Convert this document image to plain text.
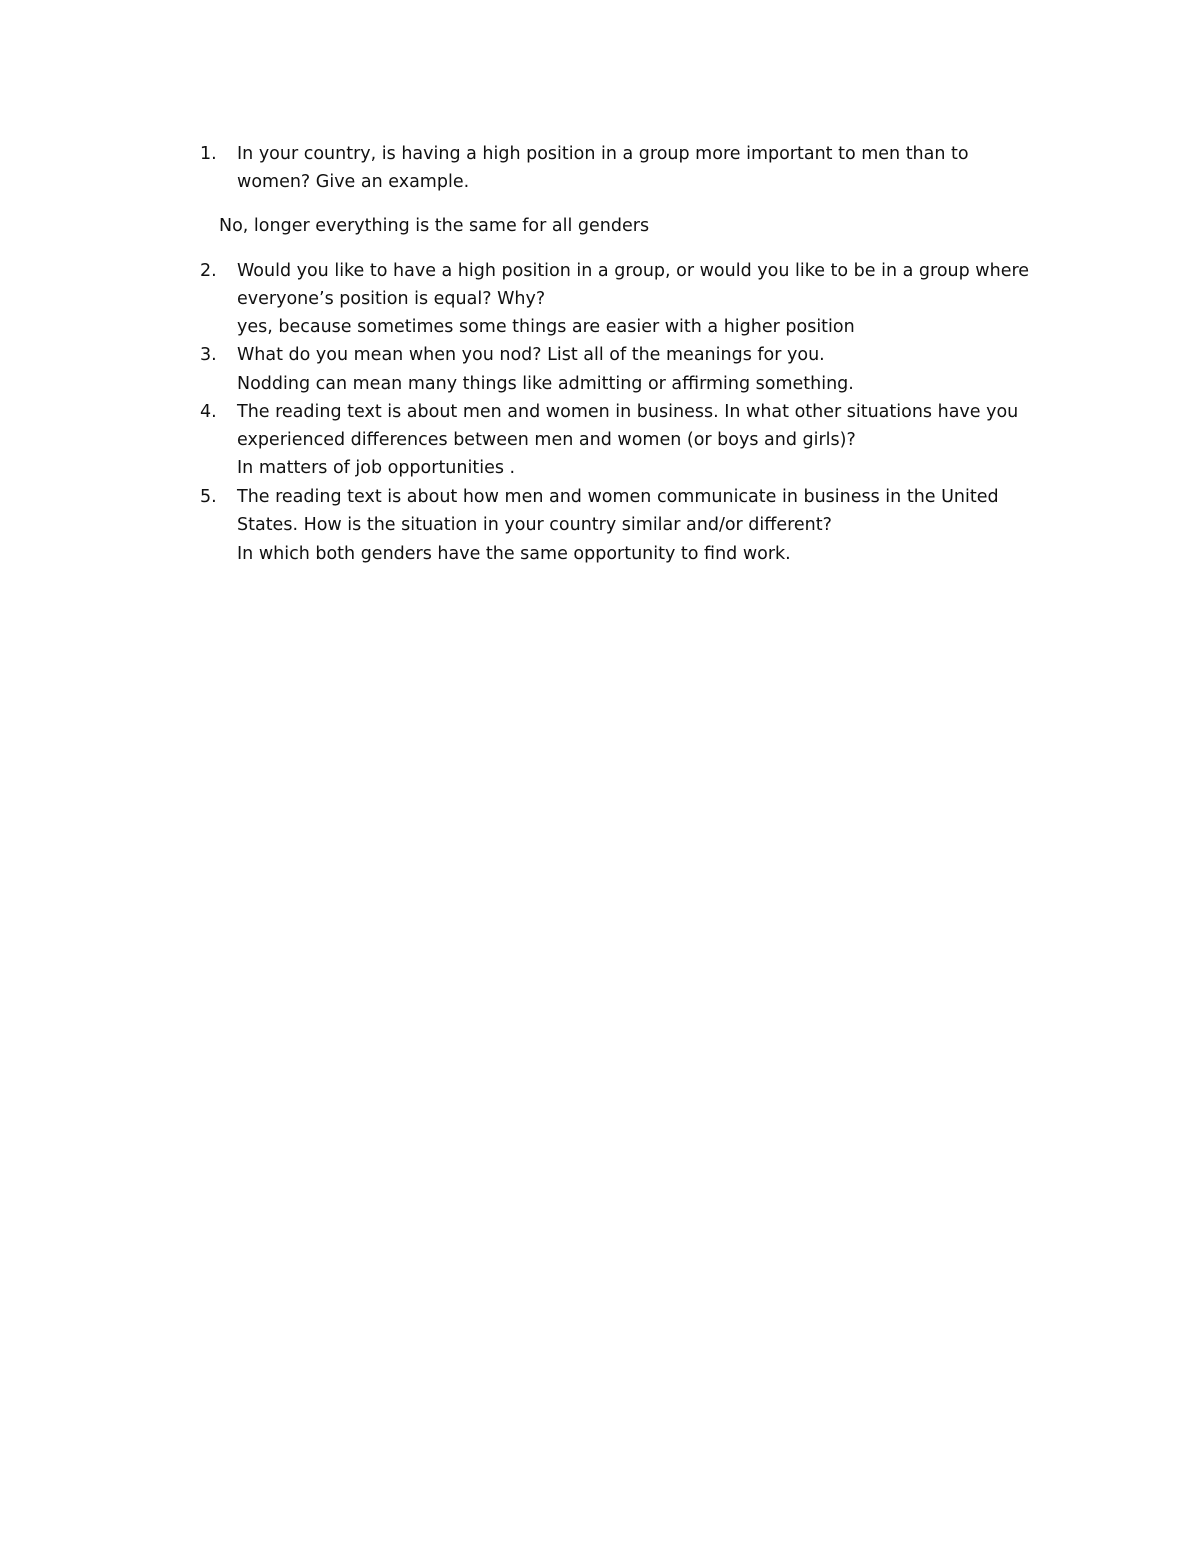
1. In your country, is having a high position in a group more important to men than to
women? Give an example.
No, longer everything is the same for all genders
2. Would you like to have a high position in a group, or would you like to be in a group where
everyone’s position is equal? Why?
yes, because sometimes some things are easier with a higher position
3. What do you mean when you nod? List all of the meanings for you.
Nodding can mean many things like admitting or affirming something.
4. The reading text is about men and women in business. In what other situations have you
experienced differences between men and women (or boys and girls)?
In matters of job opportunities .
5. The reading text is about how men and women communicate in business in the United
States. How is the situation in your country similar and/or different?
In which both genders have the same opportunity to find work.
